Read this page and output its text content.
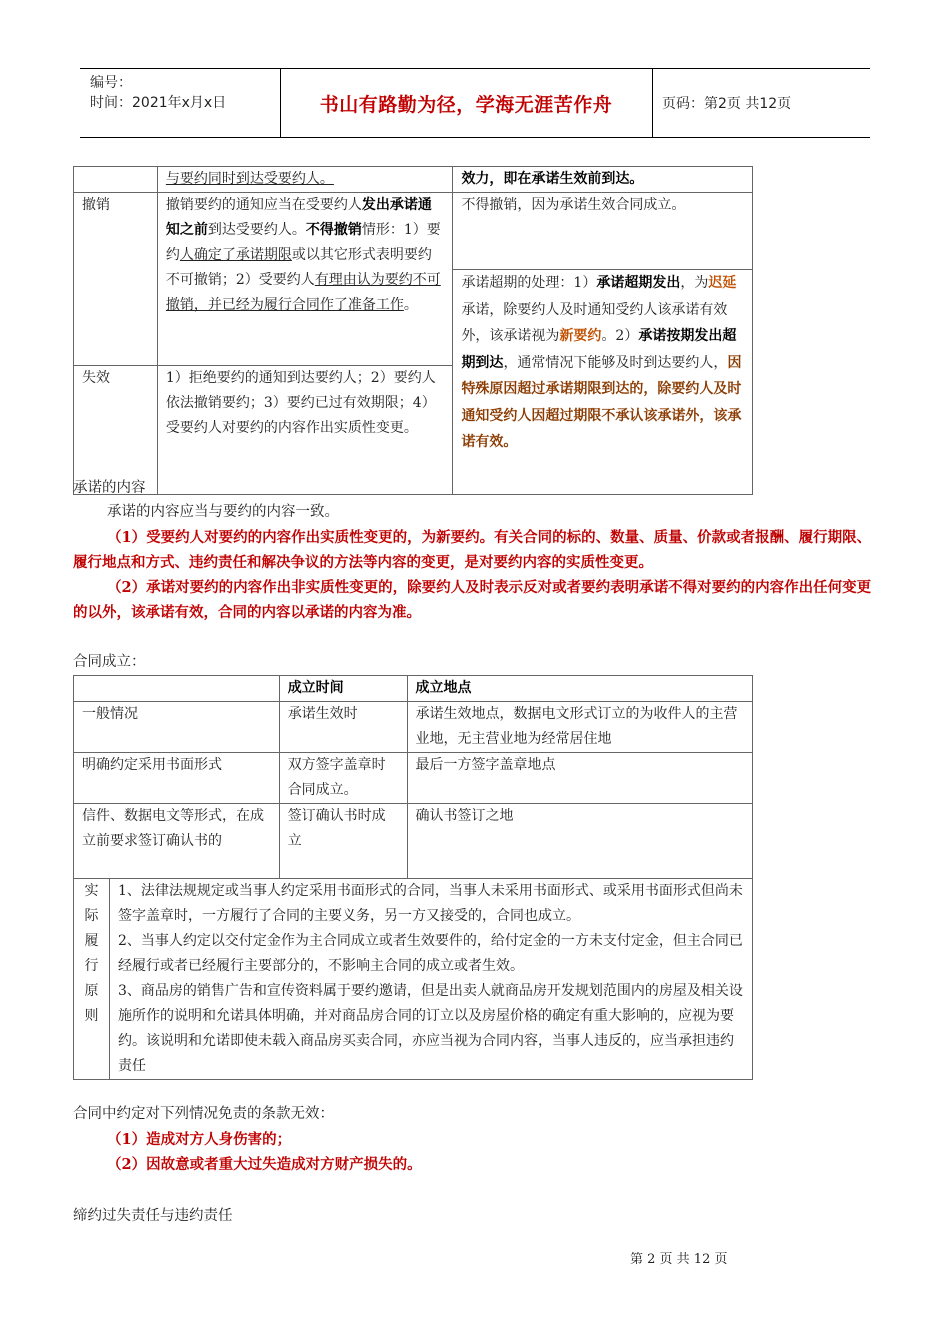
编号：
时间：2021年x月x日	书山有路勤为径，学海无涯苦作舟	页码：第2页 共12页
	与要约同时到达受要约人。	效力，即在承诺生效前到达。
撤销	撤销要约的通知应当在受要约人发出承诺通知之前到达受要约人。不得撤销情形：1）要约人确定了承诺期限或以其它形式表明要约不可撤销；2）受要约人有理由认为要约不可撤销，并已经为履行合同作了准备工作。	不得撤销，因为承诺生效合同成立。
		承诺超期的处理：1）承诺超期发出，为迟延承诺，除要约人及时通知受约人该承诺有效外，该承诺视为新要约。2）承诺按期发出超期到达，通常情况下能够及时到达要约人，因特殊原因超过承诺期限到达的，除要约人及时通知受约人因超过期限不承认该承诺外，该承诺有效。
失效	1）拒绝要约的通知到达要约人；2）要约人依法撤销要约；3）要约已过有效期限；4）受要约人对要约的内容作出实质性变更。	
承诺的内容
承诺的内容应当与要约的内容一致。
（1）受要约人对要约的内容作出实质性变更的，为新要约。有关合同的标的、数量、质量、价款或者报酬、履行期限、履行地点和方式、违约责任和解决争议的方法等内容的变更，是对要约内容的实质性变更。
（2）承诺对要约的内容作出非实质性变更的，除要约人及时表示反对或者要约表明承诺不得对要约的内容作出任何变更的以外，该承诺有效，合同的内容以承诺的内容为准。
合同成立：
		成立时间	成立地点
一般情况		承诺生效时	承诺生效地点，数据电文形式订立的为收件人的主营业地，无主营业地为经常居住地
明确约定采用书面形式		双方签字盖章时合同成立。	最后一方签字盖章地点
信件、数据电文等形式，在成立前要求签订确认书的		签订确认书时成立	确认书签订之地

实际履行原则	1、法律法规规定或当事人约定采用书面形式的合同，当事人未采用书面形式、或采用书面形式但尚未签字盖章时，一方履行了合同的主要义务，另一方又接受的，合同也成立。
2、当事人约定以交付定金作为主合同成立或者生效要件的，给付定金的一方未支付定金，但主合同已经履行或者已经履行主要部分的，不影响主合同的成立或者生效。
3、商品房的销售广告和宣传资料属于要约邀请，但是出卖人就商品房开发规划范围内的房屋及相关设施所作的说明和允诺具体明确，并对商品房合同的订立以及房屋价格的确定有重大影响的，应视为要约。该说明和允诺即使未载入商品房买卖合同，亦应当视为合同内容，当事人违反的，应当承担违约责任		
合同中约定对下列情况免责的条款无效：
（1）造成对方人身伤害的；
（2）因故意或者重大过失造成对方财产损失的。
缔约过失责任与违约责任
第 2 页 共 12 页
